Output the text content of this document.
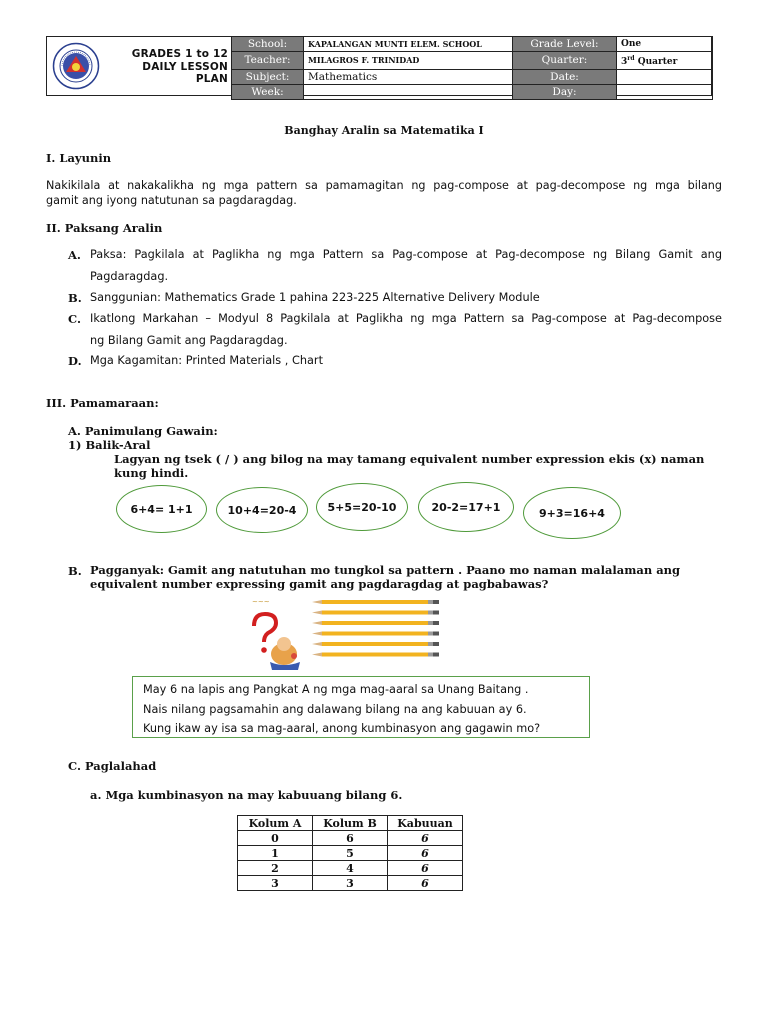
GRADES 1 to 12
DAILY LESSON
PLAN
School:	KAPALANGAN MUNTI ELEM. SCHOOL	Grade Level:	One
Teacher:	MILAGROS F. TRINIDAD	Quarter:	3rd Quarter
Subject:	Mathematics	Date:	
Week:		Day:	
Banghay Aralin sa Matematika I
I. Layunin
Nakikilala at nakakalikha ng mga pattern sa pamamagitan ng pag-compose at pag-decompose ng mga bilang
gamit ang iyong natutunan sa pagdaragdag.
II. Paksang Aralin
A. Paksa: Pagkilala at Paglikha ng mga Pattern sa Pag-compose at Pag-decompose ng Bilang Gamit ang
Pagdaragdag.
B. Sanggunian: Mathematics Grade 1 pahina 223-225 Alternative Delivery Module
C. Ikatlong Markahan – Modyul 8 Pagkilala at Paglikha ng mga Pattern sa Pag-compose at Pag-decompose
ng Bilang Gamit ang Pagdaragdag.
D. Mga Kagamitan: Printed Materials , Chart
III. Pamamaraan:
A. Panimulang Gawain:
1) Balik-Aral
Lagyan ng tsek ( / ) ang bilog na may tamang equivalent number expression ekis (x) naman
kung hindi.
6+4= 1+1	10+4=20-4	5+5=20-10	20-2=17+1	9+3=16+4
B. Pagganyak: Gamit ang natutuhan mo tungkol sa pattern . Paano mo naman malalaman ang
equivalent number expressing gamit ang pagdaragdag at pagbabawas?
~~~
May 6 na lapis ang Pangkat A ng mga mag-aaral sa Unang Baitang .
Nais nilang pagsamahin ang dalawang bilang na ang kabuuan ay 6.
Kung ikaw ay isa sa mag-aaral, anong kumbinasyon ang gagawin mo?
C. Paglalahad
a. Mga kumbinasyon na may kabuuang bilang 6.
Kolum A	Kolum B	Kabuuan
0	6	6
1	5	6
2	4	6
3	3	6
